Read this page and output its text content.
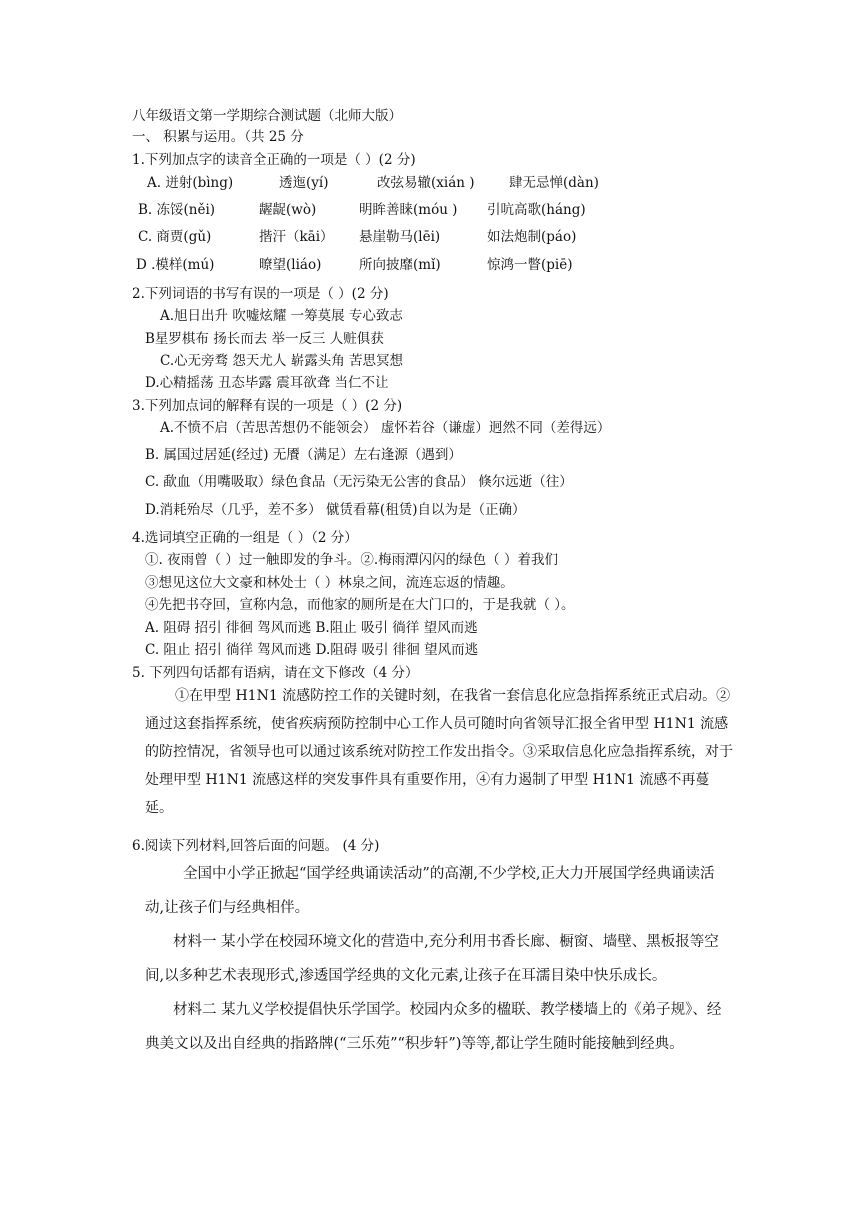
八年级语文第一学期综合测试题（北师大版）
一、 积累与运用。（共 25 分
1.下列加点字的读音全正确的一项是（ ）(2 分)
A. 迸射(bìng)	透迤(yí)	改弦易辙(xián )	肆无忌惮(dàn)
B. 冻馁(něi)	龌龊(wò)	明眸善睐(móu ) 引吭高歌(háng)
C. 商贾(gǔ)	揩汗（kāi） 悬崖勒马(lēi)	如法炮制(páo)
D .模样(mú)	暸望(liáo)	所向披靡(mǐ)	惊鸿一瞥(piē)
2.下列词语的书写有误的一项是（ ）(2 分)
A.旭日出升 吹嘘炫耀 一筹莫展 专心致志
B星罗棋布 扬长而去 举一反三 人赃俱获
C.心无旁骛 怨天尤人 崭露头角 苦思冥想
D.心精摇荡 丑态毕露 震耳欲聋 当仁不让
3.下列加点词的解释有误的一项是（ ）(2 分)
A.不愤不启（苦思苦想仍不能领会） 虚怀若谷（谦虚）迥然不同（差得远）
B. 属国过居延(经过) 无餍（满足）左右逢源（遇到）
C. 歃血（用嘴吸取）绿色食品（无污染无公害的食品） 倏尔远逝（往）
D.消耗殆尽（几乎，差不多） 僦赁看幕(租赁)自以为是（正确）
4.选词填空正确的一组是（ ）（2 分）
①. 夜雨曾（ ）过一触即发的争斗。②.梅雨潭闪闪的绿色（ ）着我们
③想见这位大文豪和林处士（ ）林泉之间，流连忘返的情趣。
④先把书夺回，宣称内急，而他家的厕所是在大门口的，于是我就（ ）。
A. 阻碍 招引 徘徊 驾风而逃 B.阻止 吸引 徜徉 望风而逃
C. 阻止 招引 徜徉 驾风而逃 D.阻碍 吸引 徘徊 望风而逃
5. 下列四句话都有语病，请在文下修改（4 分）
①在甲型 H1N1 流感防控工作的关键时刻，在我省一套信息化应急指挥系统正式启动。②通过这套指挥系统，使省疾病预防控制中心工作人员可随时向省领导汇报全省甲型 H1N1 流感的防控情况，省领导也可以通过该系统对防控工作发出指令。③采取信息化应急指挥系统，对于处理甲型 H1N1 流感这样的突发事件具有重要作用，④有力遏制了甲型 H1N1 流感不再蔓延。
6.阅读下列材料,回答后面的问题。 (4 分)
全国中小学正掀起“国学经典诵读活动”的高潮,不少学校,正大力开展国学经典诵读活动,让孩子们与经典相伴。
材料一 某小学在校园环境文化的营造中,充分利用书香长廊、橱窗、墙壁、黑板报等空间,以多种艺术表现形式,渗透国学经典的文化元素,让孩子在耳濡目染中快乐成长。
材料二 某九义学校提倡快乐学国学。校园内众多的楹联、教学楼墙上的《弟子规》、经典美文以及出自经典的指路牌(“三乐苑”“积步轩”)等等,都让学生随时能接触到经典。
